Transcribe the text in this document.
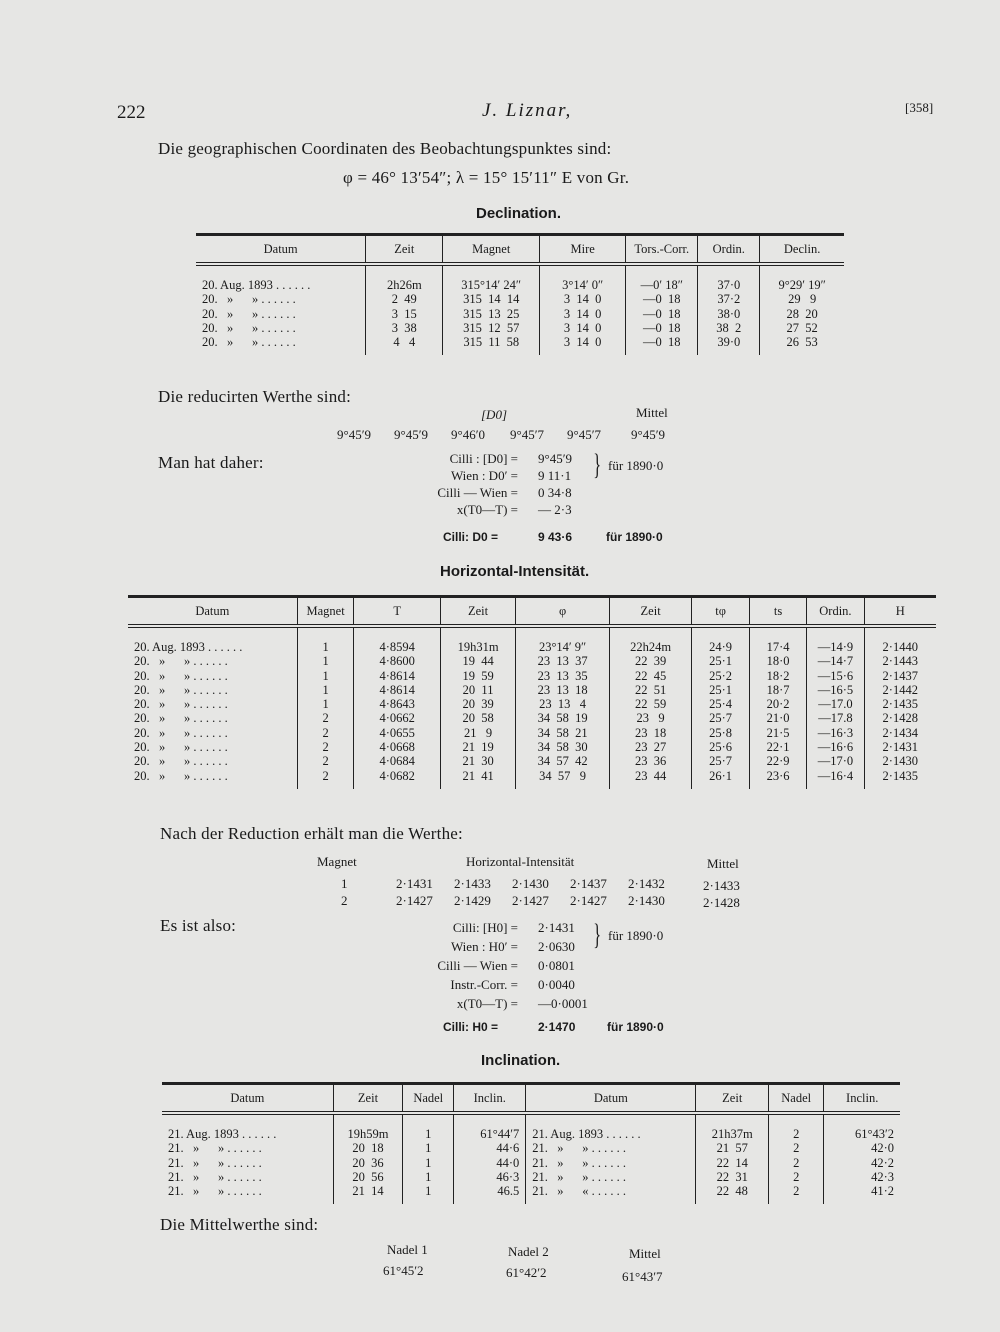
222	J. Liznar,	[358]
Die geographischen Coordinaten des Beobachtungspunktes sind:
φ = 46° 13′54″; λ = 15° 15′11″ E von Gr.
Declination.
Datum	Zeit	Magnet	Mire	Tors.-Corr.	Ordin.	Declin.
20. Aug. 1893 . . . . . .	2h26m	315°14′ 24″	3°14′ 0″	—0′ 18″	37·0	9°29′ 19″
20.   »      » . . . . . .	2  49	315  14  14	3  14  0	—0  18	37·2	29   9
20.   »      » . . . . . .	3  15	315  13  25	3  14  0	—0  18	38·0	28  20
20.   »      » . . . . . .	3  38	315  12  57	3  14  0	—0  18	38  2	27  52
20.   »      » . . . . . .	4   4	315  11  58	3  14  0	—0  18	39·0	26  53
Die reducirten Werthe sind:
[D0]	Mittel
9°45′9 9°45′9 9°46′0 9°45′7 9°45′7 9°45′9
Man hat daher:	Cilli : [D0] = 9°45′9
Wien : D0′ = 9 11·1
Cilli — Wien = 0 34·8
x(T0—T) = — 2·3
} für 1890·0
Cilli: D0 =	9 43·6	für 1890·0
Horizontal-Intensität.
Datum	Magnet	T	Zeit	φ	Zeit	tφ	ts	Ordin.	H
20. Aug. 1893 . . . . . .	1	4·8594	19h31m	23°14′ 9″	22h24m	24·9	17·4	—14·9	2·1440
20.   »      » . . . . . .	1	4·8600	19  44	23  13  37	22  39	25·1	18·0	—14·7	2·1443
20.   »      » . . . . . .	1	4·8614	19  59	23  13  35	22  45	25·2	18·2	—15·6	2·1437
20.   »      » . . . . . .	1	4·8614	20  11	23  13  18	22  51	25·1	18·7	—16·5	2·1442
20.   »      » . . . . . .	1	4·8643	20  39	23  13   4	22  59	25·4	20·2	—17.0	2·1435
20.   »      » . . . . . .	2	4·0662	20  58	34  58  19	23   9	25·7	21·0	—17.8	2·1428
20.   »      » . . . . . .	2	4·0655	21   9	34  58  21	23  18	25·8	21·5	—16·3	2·1434
20.   »      » . . . . . .	2	4·0668	21  19	34  58  30	23  27	25·6	22·1	—16·6	2·1431
20.   »      » . . . . . .	2	4·0684	21  30	34  57  42	23  36	25·7	22·9	—17·0	2·1430
20.   »      » . . . . . .	2	4·0682	21  41	34  57   9	23  44	26·1	23·6	—16·4	2·1435
Nach der Reduction erhält man die Werthe:
Magnet	Horizontal-Intensität	Mittel
1	2·1431 2·1433 2·1430 2·1437 2·1432	2·1433
2	2·1427 2·1429 2·1427 2·1427 2·1430	2·1428
Es ist also:	Cilli: [H0] = 2·1431
Wien : H0′ = 2·0630
Cilli — Wien = 0·0801
Instr.-Corr. = 0·0040
x(T0—T) = —0·0001
} für 1890·0
Cilli: H0 =	2·1470	für 1890·0
Inclination.
Datum	Zeit	Nadel	Inclin.	Datum	Zeit	Nadel	Inclin.
21. Aug. 1893 . . . . . .	19h59m	1	61°44′7	21. Aug. 1893 . . . . . .	21h37m	2	61°43′2
21.   »      » . . . . . .	20  18	1	44·6	21.   »      » . . . . . .	21  57	2	42·0
21.   »      » . . . . . .	20  36	1	44·0	21.   »      » . . . . . .	22  14	2	42·2
21.   »      » . . . . . .	20  56	1	46·3	21.   »      » . . . . . .	22  31	2	42·3
21.   »      » . . . . . .	21  14	1	46.5	21.   »      « . . . . . .	22  48	2	41·2
Die Mittelwerthe sind:
Nadel 1
61°45′2
Nadel 2
61°42′2
Mittel
61°43′7
